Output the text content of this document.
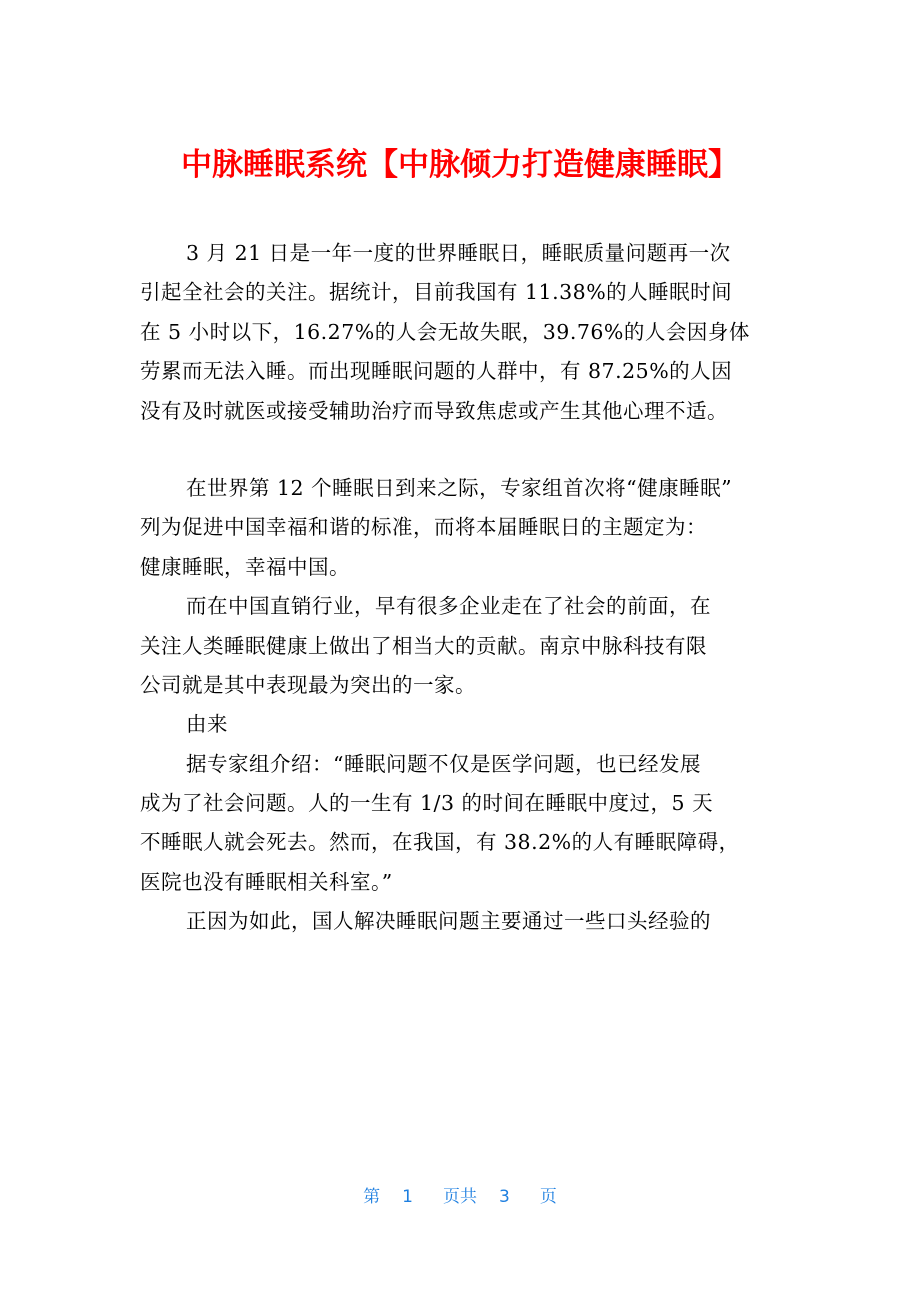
中脉睡眠系统【中脉倾力打造健康睡眠】
3 月 21 日是一年一度的世界睡眠日，睡眠质量问题再一次
引起全社会的关注。据统计，目前我国有 11.38%的人睡眠时间
在 5 小时以下，16.27%的人会无故失眠，39.76%的人会因身体
劳累而无法入睡。而出现睡眠问题的人群中，有 87.25%的人因
没有及时就医或接受辅助治疗而导致焦虑或产生其他心理不适。
在世界第 12 个睡眠日到来之际，专家组首次将“健康睡眠”
列为促进中国幸福和谐的标准，而将本届睡眠日的主题定为：
健康睡眠，幸福中国。
而在中国直销行业，早有很多企业走在了社会的前面，在
关注人类睡眠健康上做出了相当大的贡献。南京中脉科技有限
公司就是其中表现最为突出的一家。
由来
据专家组介绍：“睡眠问题不仅是医学问题，也已经发展
成为了社会问题。人的一生有 1/3 的时间在睡眠中度过，5 天
不睡眠人就会死去。然而，在我国，有 38.2%的人有睡眠障碍，
医院也没有睡眠相关科室。”
正因为如此，国人解决睡眠问题主要通过一些口头经验的
第 1 页共 3 页
